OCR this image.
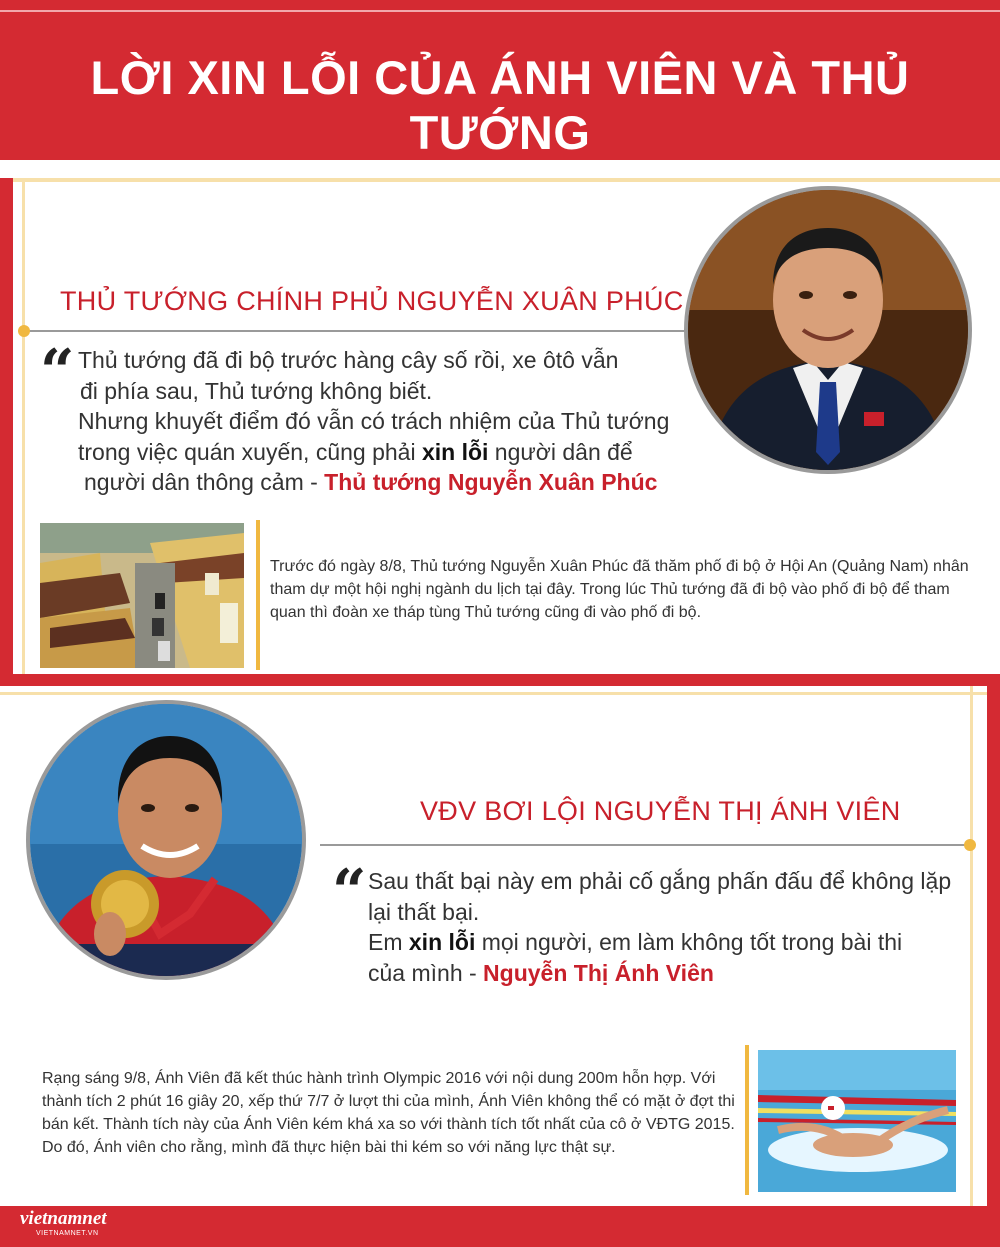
LỜI XIN LỖI CỦA ÁNH VIÊN VÀ THỦ TƯỚNG
THỦ TƯỚNG CHÍNH PHỦ NGUYỄN XUÂN PHÚC
“ Thủ tướng đã đi bộ trước hàng cây số rồi, xe ôtô vẫn
đi phía sau, Thủ tướng không biết.
Nhưng khuyết điểm đó vẫn có trách nhiệm của Thủ tướng
trong việc quán xuyến, cũng phải xin lỗi người dân để
người dân thông cảm - Thủ tướng Nguyễn Xuân Phúc
Trước đó ngày 8/8, Thủ tướng Nguyễn Xuân Phúc đã thăm phố đi bộ ở Hội An (Quảng Nam) nhân tham dự một hội nghị ngành du lịch tại đây. Trong lúc Thủ tướng đã đi bộ vào phố đi bộ để tham quan thì đoàn xe tháp tùng Thủ tướng cũng đi vào phố đi bộ.
VĐV BƠI LỘI NGUYỄN THỊ ÁNH VIÊN
“ Sau thất bại này em phải cố gắng phấn đấu để không lặp
lại thất bại.
Em xin lỗi mọi người, em làm không tốt trong bài thi
của mình - Nguyễn Thị Ánh Viên
Rạng sáng 9/8, Ánh Viên đã kết thúc hành trình Olympic 2016 với nội dung 200m hỗn hợp. Với thành tích 2 phút 16 giây 20, xếp thứ 7/7 ở lượt thi của mình, Ánh Viên không thể có mặt ở đợt thi bán kết. Thành tích này của Ánh Viên kém khá xa so với thành tích tốt nhất của cô ở VĐTG 2015. Do đó, Ánh viên cho rằng, mình đã thực hiện bài thi kém so với năng lực thật sự.
vietnamnet
VIETNAMNET.VN
